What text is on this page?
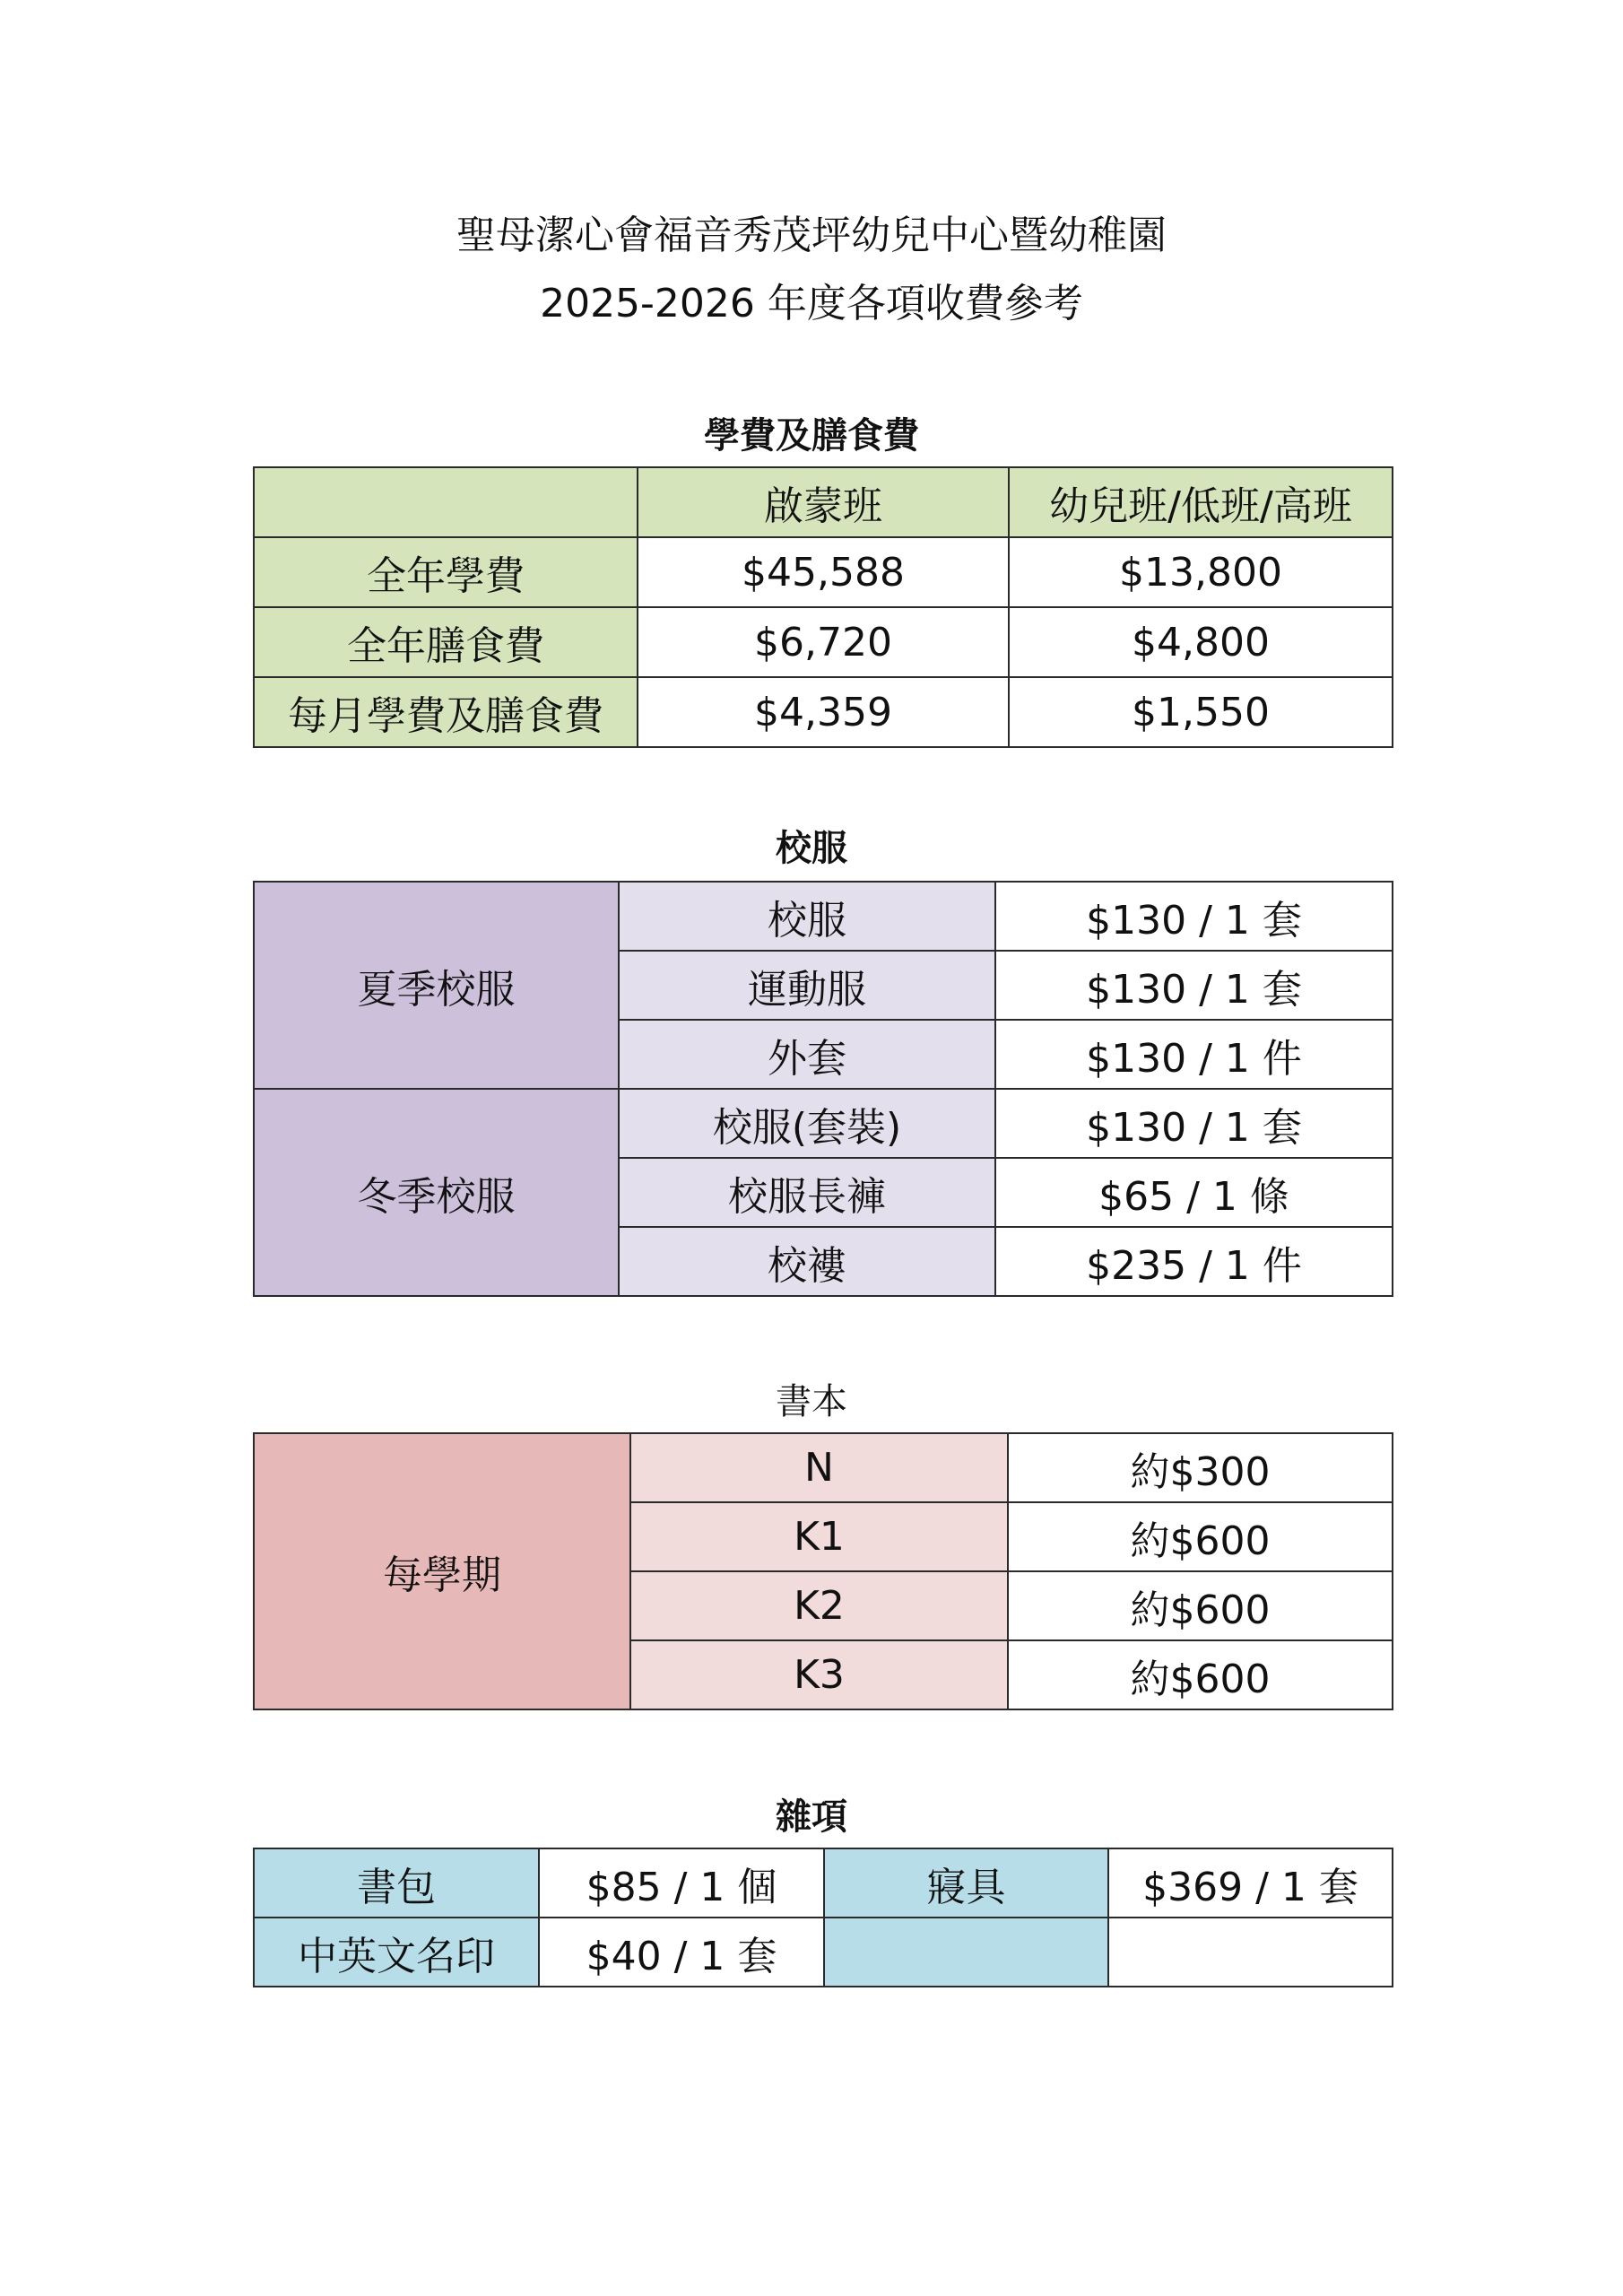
聖母潔心會福音秀茂坪幼兒中心暨幼稚園
2025-2026 年度各項收費參考
學費及膳食費
	啟蒙班	幼兒班/低班/高班
全年學費	$45,588	$13,800
全年膳食費	$6,720	$4,800
每月學費及膳食費	$4,359	$1,550
校服
夏季校服	校服	$130 / 1 套
	運動服	$130 / 1 套
	外套	$130 / 1 件
冬季校服	校服(套裝)	$130 / 1 套
	校服長褲	$65 / 1 條
	校褸	$235 / 1 件
書本
每學期	N	約$300
	K1	約$600
	K2	約$600
	K3	約$600
雜項
書包	$85 / 1 個	寢具	$369 / 1 套
中英文名印	$40 / 1 套		
